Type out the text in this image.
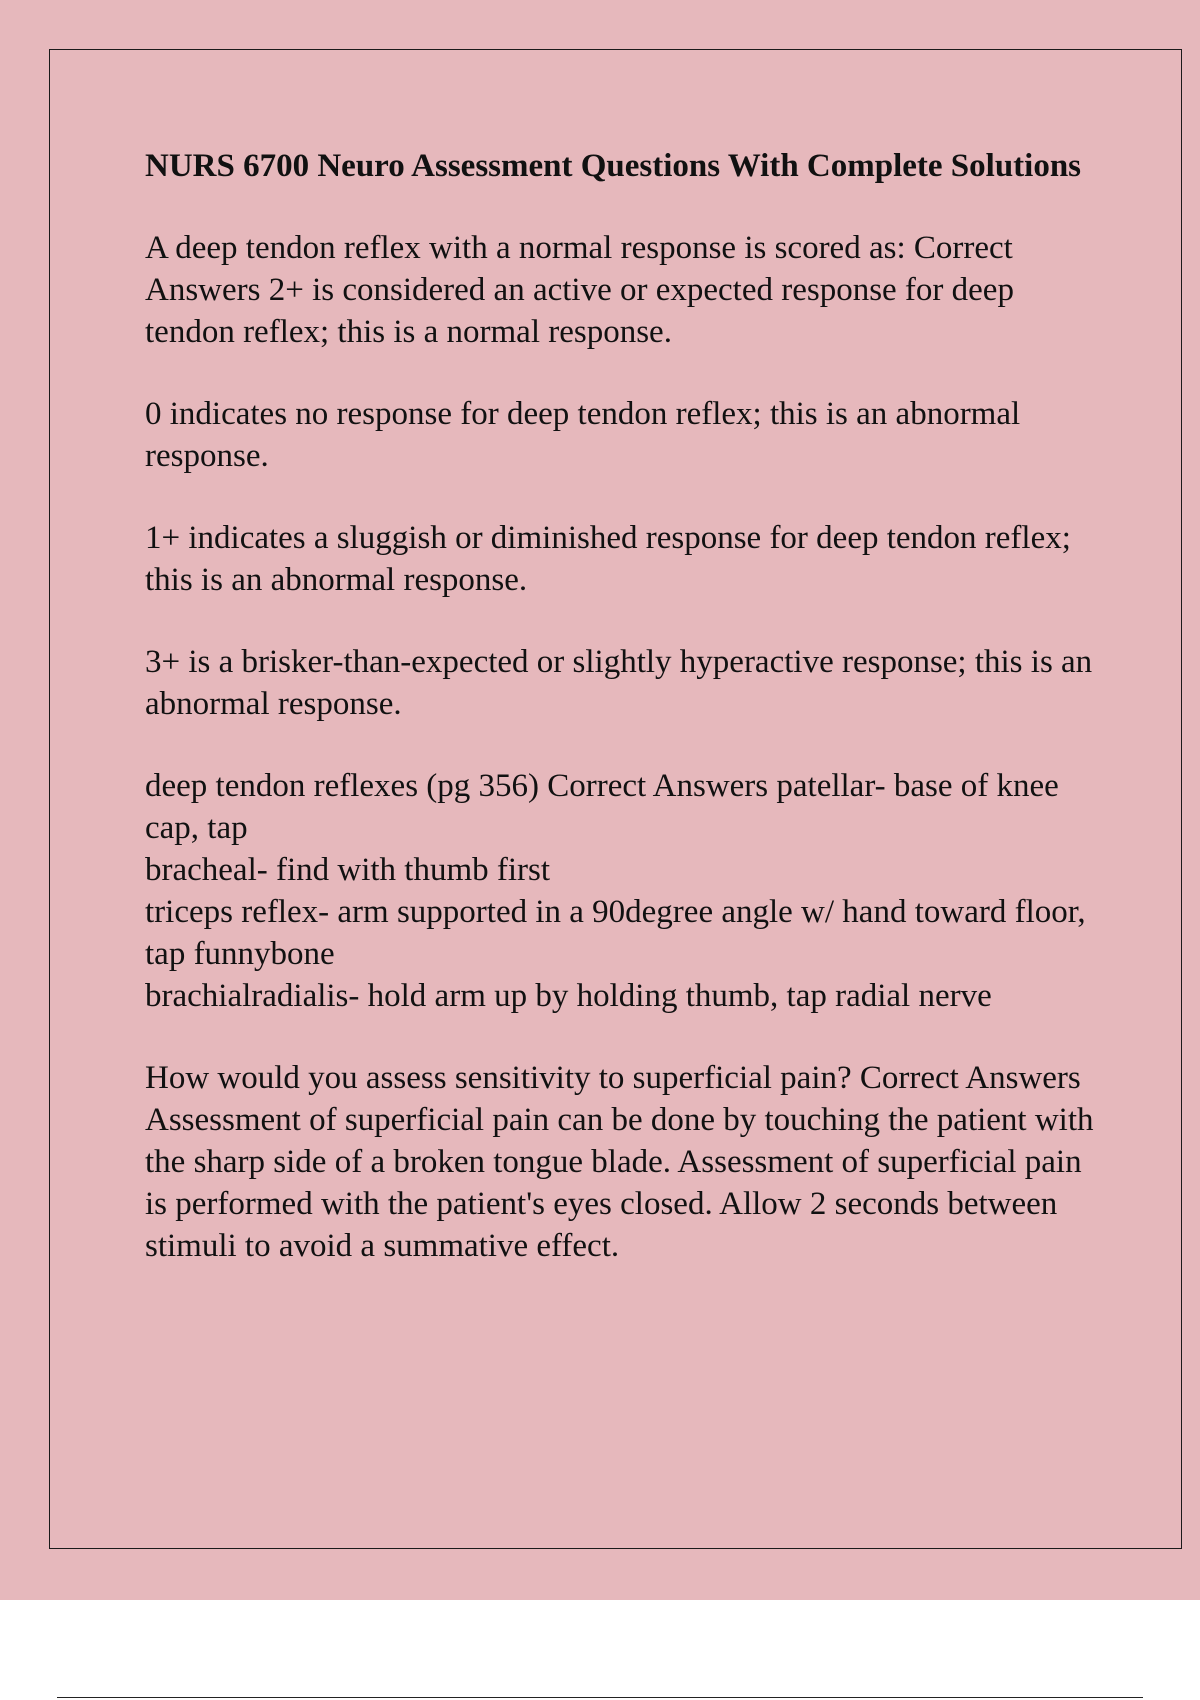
NURS 6700 Neuro Assessment Questions With Complete Solutions
A deep tendon reflex with a normal response is scored as: Correct Answers 2+ is considered an active or expected response for deep tendon reflex; this is a normal response.
0 indicates no response for deep tendon reflex; this is an abnormal response.
1+ indicates a sluggish or diminished response for deep tendon reflex; this is an abnormal response.
3+ is a brisker-than-expected or slightly hyperactive response; this is an abnormal response.
deep tendon reflexes (pg 356) Correct Answers patellar- base of knee cap, tap
bracheal- find with thumb first
triceps reflex- arm supported in a 90degree angle w/ hand toward floor, tap funnybone
brachialradialis- hold arm up by holding thumb, tap radial nerve
How would you assess sensitivity to superficial pain? Correct Answers Assessment of superficial pain can be done by touching the patient with the sharp side of a broken tongue blade. Assessment of superficial pain is performed with the patient's eyes closed. Allow 2 seconds between stimuli to avoid a summative effect.
